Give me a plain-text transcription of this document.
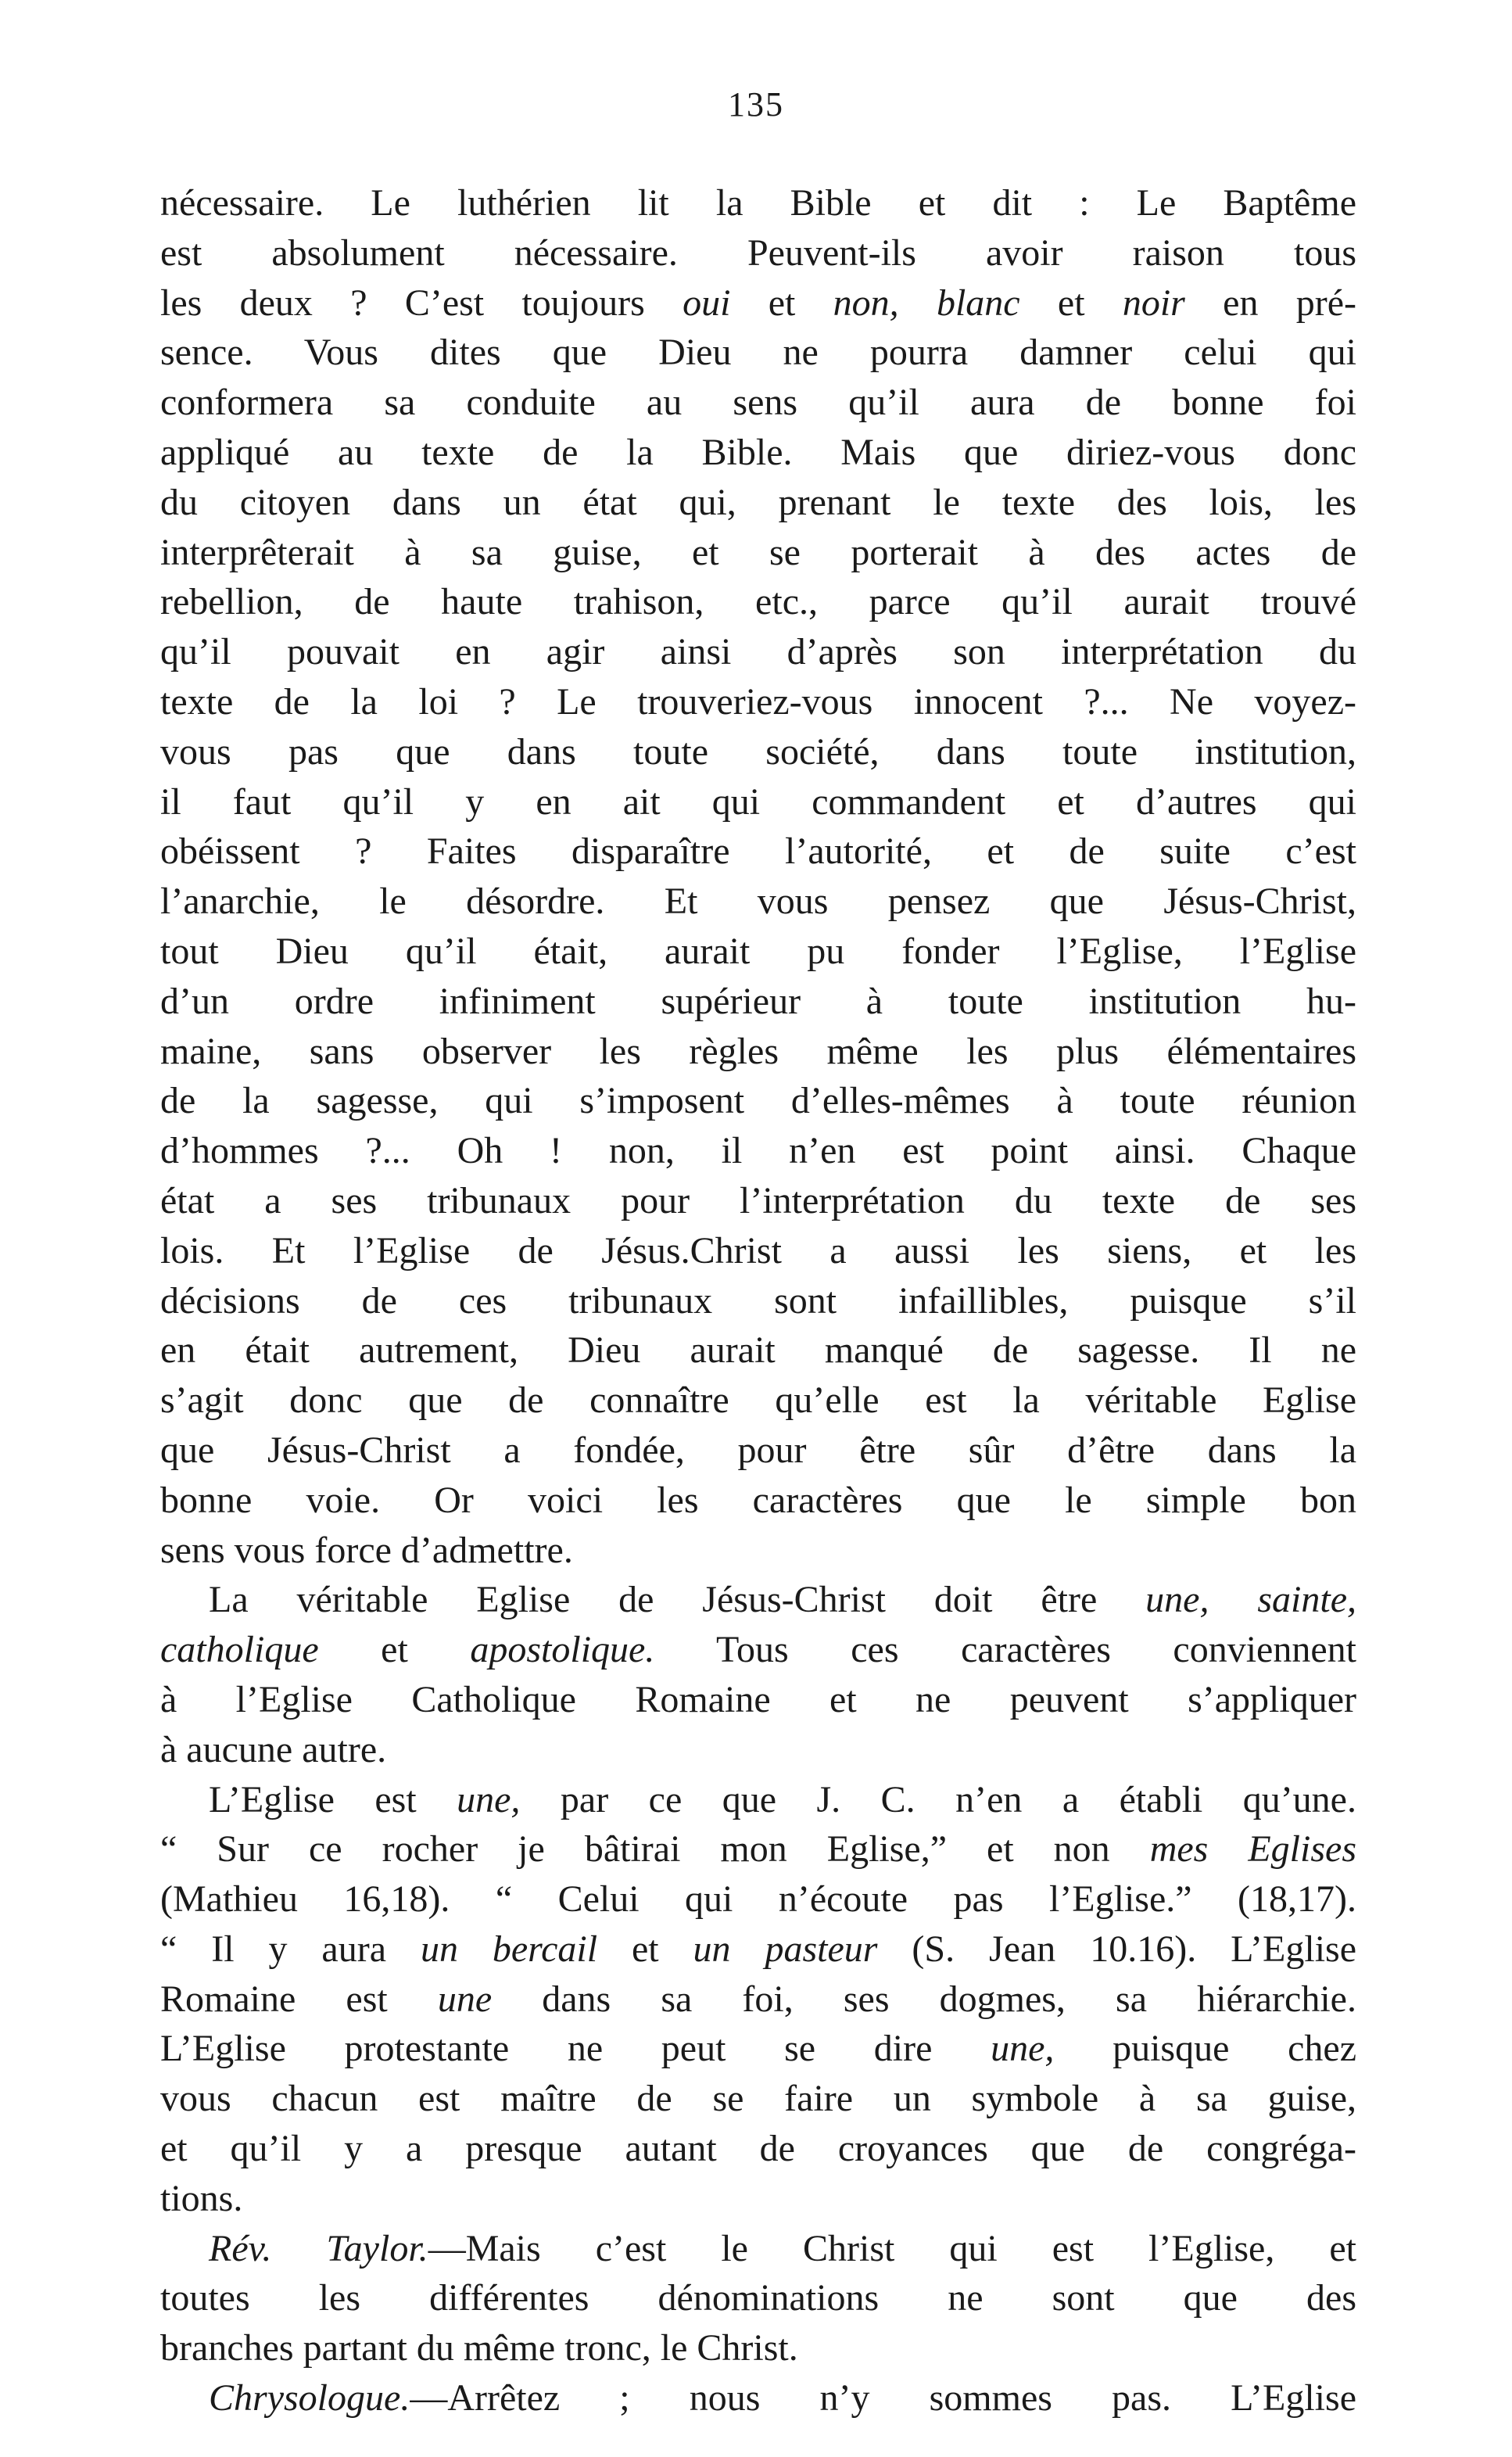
135
nécessaire. Le luthérien lit la Bible et dit : Le Baptême
est absolument nécessaire. Peuvent-ils avoir raison tous
les deux ? C’est toujours oui et non, blanc et noir en pré-
sence. Vous dites que Dieu ne pourra damner celui qui
conformera sa conduite au sens qu’il aura de bonne foi
appliqué au texte de la Bible. Mais que diriez-vous donc
du citoyen dans un état qui, prenant le texte des lois, les
interprêterait à sa guise, et se porterait à des actes de
rebellion, de haute trahison, etc., parce qu’il aurait trouvé
qu’il pouvait en agir ainsi d’après son interprétation du
texte de la loi ? Le trouveriez-vous innocent ?... Ne voyez-
vous pas que dans toute société, dans toute institution,
il faut qu’il y en ait qui commandent et d’autres qui
obéissent ? Faites disparaître l’autorité, et de suite c’est
l’anarchie, le désordre. Et vous pensez que Jésus-Christ,
tout Dieu qu’il était, aurait pu fonder l’Eglise, l’Eglise
d’un ordre infiniment supérieur à toute institution hu-
maine, sans observer les règles même les plus élémentaires
de la sagesse, qui s’imposent d’elles-mêmes à toute réunion
d’hommes ?... Oh ! non, il n’en est point ainsi. Chaque
état a ses tribunaux pour l’interprétation du texte de ses
lois. Et l’Eglise de Jésus.Christ a aussi les siens, et les
décisions de ces tribunaux sont infaillibles, puisque s’il
en était autrement, Dieu aurait manqué de sagesse. Il ne
s’agit donc que de connaître qu’elle est la véritable Eglise
que Jésus-Christ a fondée, pour être sûr d’être dans la
bonne voie. Or voici les caractères que le simple bon
sens vous force d’admettre.
La véritable Eglise de Jésus-Christ doit être une, sainte,
catholique et apostolique. Tous ces caractères conviennent
à l’Eglise Catholique Romaine et ne peuvent s’appliquer
à aucune autre.
L’Eglise est une, par ce que J. C. n’en a établi qu’une.
“ Sur ce rocher je bâtirai mon Eglise,” et non mes Eglises
(Mathieu 16,18). “ Celui qui n’écoute pas l’Eglise.” (18,17).
“ Il y aura un bercail et un pasteur (S. Jean 10.16). L’Eglise
Romaine est une dans sa foi, ses dogmes, sa hiérarchie.
L’Eglise protestante ne peut se dire une, puisque chez
vous chacun est maître de se faire un symbole à sa guise,
et qu’il y a presque autant de croyances que de congréga-
tions.
Rév. Taylor.—Mais c’est le Christ qui est l’Eglise, et
toutes les différentes dénominations ne sont que des
branches partant du même tronc, le Christ.
Chrysologue.—Arrêtez ; nous n’y sommes pas. L’Eglise
